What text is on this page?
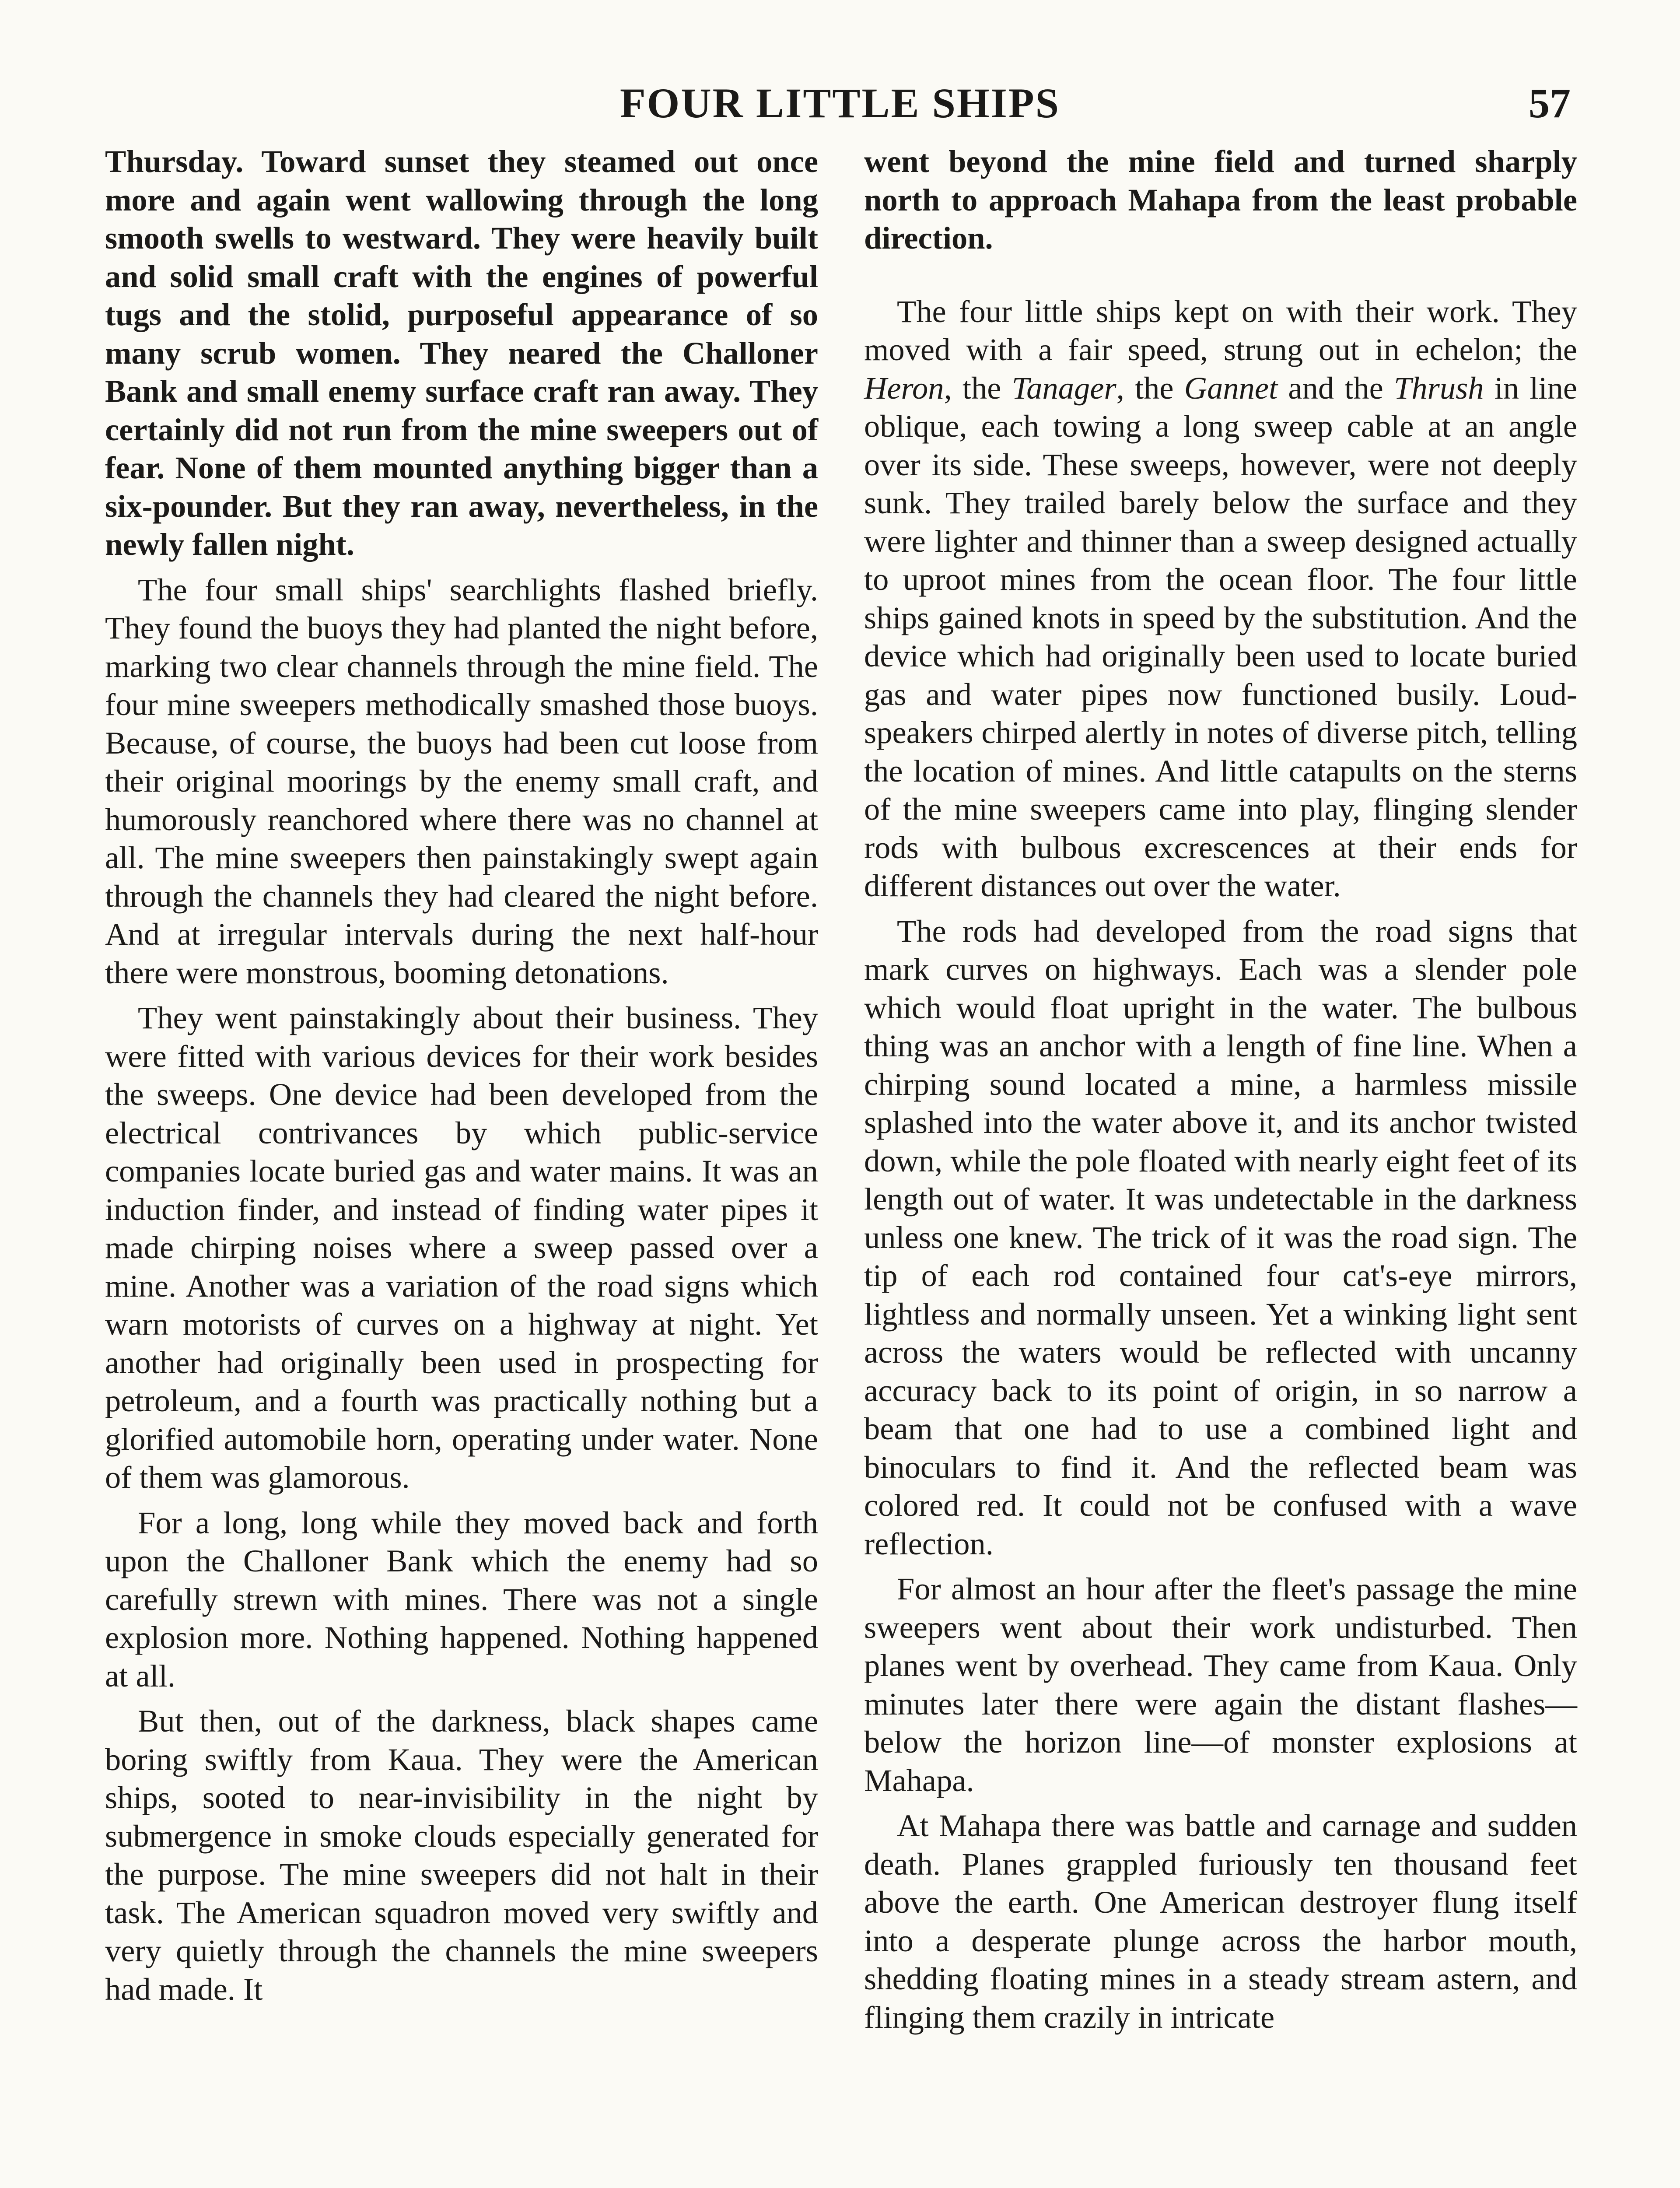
FOUR LITTLE SHIPS	57

Thursday. Toward sunset they steamed out once more and again went wallowing through the long smooth swells to westward. They were heavily built and solid small craft with the engines of powerful tugs and the stolid, purposeful appearance of so many scrub women. They neared the Challoner Bank and small enemy surface craft ran away. They certainly did not run from the mine sweepers out of fear. None of them mounted anything bigger than a six-pounder. But they ran away, nevertheless, in the newly fallen night.

The four small ships' searchlights flashed briefly. They found the buoys they had planted the night before, marking two clear channels through the mine field. The four mine sweepers methodically smashed those buoys. Because, of course, the buoys had been cut loose from their original moorings by the enemy small craft, and humorously reanchored where there was no channel at all. The mine sweepers then painstakingly swept again through the channels they had cleared the night before. And at irregular intervals during the next half-hour there were monstrous, booming detonations.

They went painstakingly about their business. They were fitted with various devices for their work besides the sweeps. One device had been developed from the electrical contrivances by which public-service companies locate buried gas and water mains. It was an induction finder, and instead of finding water pipes it made chirping noises where a sweep passed over a mine. Another was a variation of the road signs which warn motorists of curves on a highway at night. Yet another had originally been used in prospecting for petroleum, and a fourth was practically nothing but a glorified automobile horn, operating under water. None of them was glamorous.

For a long, long while they moved back and forth upon the Challoner Bank which the enemy had so carefully strewn with mines. There was not a single explosion more. Nothing happened. Nothing happened at all.

But then, out of the darkness, black shapes came boring swiftly from Kaua. They were the American ships, sooted to near-invisibility in the night by submergence in smoke clouds especially generated for the purpose. The mine sweepers did not halt in their task. The American squadron moved very swiftly and very quietly through the channels the mine sweepers had made. It

went beyond the mine field and turned sharply north to approach Mahapa from the least probable direction.

The four little ships kept on with their work. They moved with a fair speed, strung out in echelon; the Heron, the Tanager, the Gannet and the Thrush in line oblique, each towing a long sweep cable at an angle over its side. These sweeps, however, were not deeply sunk. They trailed barely below the surface and they were lighter and thinner than a sweep designed actually to uproot mines from the ocean floor. The four little ships gained knots in speed by the substitution. And the device which had originally been used to locate buried gas and water pipes now functioned busily. Loud-speakers chirped alertly in notes of diverse pitch, telling the location of mines. And little catapults on the sterns of the mine sweepers came into play, flinging slender rods with bulbous excrescences at their ends for different distances out over the water.

The rods had developed from the road signs that mark curves on highways. Each was a slender pole which would float upright in the water. The bulbous thing was an anchor with a length of fine line. When a chirping sound located a mine, a harmless missile splashed into the water above it, and its anchor twisted down, while the pole floated with nearly eight feet of its length out of water. It was undetectable in the darkness unless one knew. The trick of it was the road sign. The tip of each rod contained four cat's-eye mirrors, lightless and normally unseen. Yet a winking light sent across the waters would be reflected with uncanny accuracy back to its point of origin, in so narrow a beam that one had to use a combined light and binoculars to find it. And the reflected beam was colored red. It could not be confused with a wave reflection.

For almost an hour after the fleet's passage the mine sweepers went about their work undisturbed. Then planes went by overhead. They came from Kaua. Only minutes later there were again the distant flashes—below the horizon line—of monster explosions at Mahapa.

At Mahapa there was battle and carnage and sudden death. Planes grappled furiously ten thousand feet above the earth. One American destroyer flung itself into a desperate plunge across the harbor mouth, shedding floating mines in a steady stream astern, and flinging them crazily in intricate
